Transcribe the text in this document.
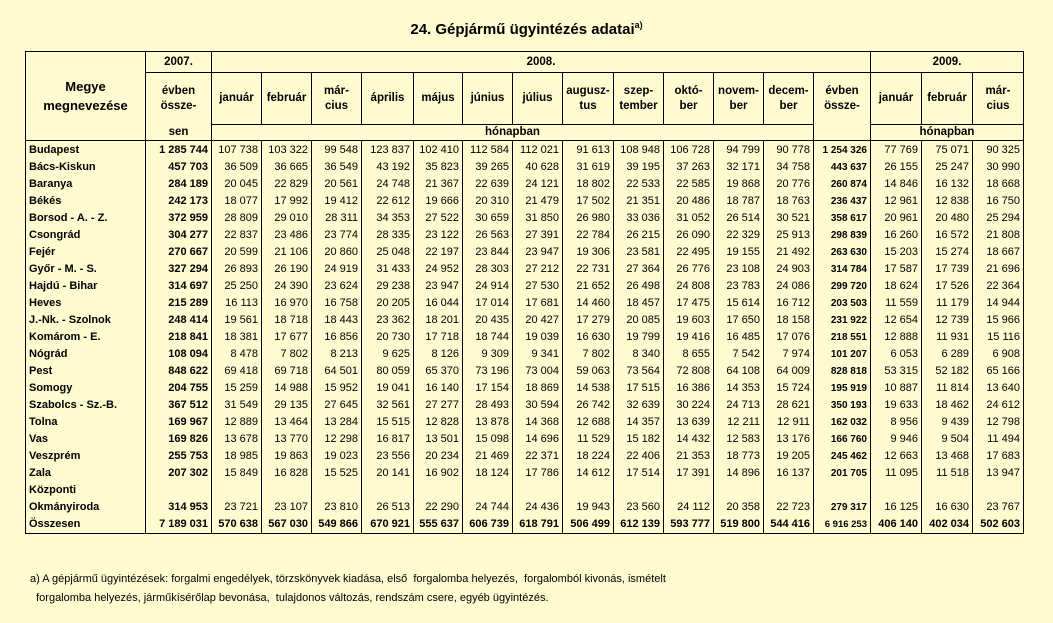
24. Gépjármű ügyintézés adatai$^{a)}$
Megye megnevezése	2007.	2008.													2009.		
	évben össze-	január	február	már- cius	április	május	június	július	augusz- tus	szep- tember	októ- ber	novem- ber	decem- ber	évben össze-	január	február	már- cius
	sen	hónapban													hónapban		
Budapest	1 285 744	107 738	103 322	99 548	123 837	102 410	112 584	112 021	91 613	108 948	106 728	94 799	90 778	1 254 326	77 769	75 071	90 325
Bács-Kiskun	457 703	36 509	36 665	36 549	43 192	35 823	39 265	40 628	31 619	39 195	37 263	32 171	34 758	443 637	26 155	25 247	30 990
Baranya	284 189	20 045	22 829	20 561	24 748	21 367	22 639	24 121	18 802	22 533	22 585	19 868	20 776	260 874	14 846	16 132	18 668
Békés	242 173	18 077	17 992	19 412	22 612	19 666	20 310	21 479	17 502	21 351	20 486	18 787	18 763	236 437	12 961	12 838	16 750
Borsod - A. - Z.	372 959	28 809	29 010	28 311	34 353	27 522	30 659	31 850	26 980	33 036	31 052	26 514	30 521	358 617	20 961	20 480	25 294
Csongrád	304 277	22 837	23 486	23 774	28 335	23 122	26 563	27 391	22 784	26 215	26 090	22 329	25 913	298 839	16 260	16 572	21 808
Fejér	270 667	20 599	21 106	20 860	25 048	22 197	23 844	23 947	19 306	23 581	22 495	19 155	21 492	263 630	15 203	15 274	18 667
Győr - M. - S.	327 294	26 893	26 190	24 919	31 433	24 952	28 303	27 212	22 731	27 364	26 776	23 108	24 903	314 784	17 587	17 739	21 696
Hajdú - Bihar	314 697	25 250	24 390	23 624	29 238	23 947	24 914	27 530	21 652	26 498	24 808	23 783	24 086	299 720	18 624	17 526	22 364
Heves	215 289	16 113	16 970	16 758	20 205	16 044	17 014	17 681	14 460	18 457	17 475	15 614	16 712	203 503	11 559	11 179	14 944
J.-Nk. - Szolnok	248 414	19 561	18 718	18 443	23 362	18 201	20 435	20 427	17 279	20 085	19 603	17 650	18 158	231 922	12 654	12 739	15 966
Komárom - E.	218 841	18 381	17 677	16 856	20 730	17 718	18 744	19 039	16 630	19 799	19 416	16 485	17 076	218 551	12 888	11 931	15 116
Nógrád	108 094	8 478	7 802	8 213	9 625	8 126	9 309	9 341	7 802	8 340	8 655	7 542	7 974	101 207	6 053	6 289	6 908
Pest	848 622	69 418	69 718	64 501	80 059	65 370	73 196	73 004	59 063	73 564	72 808	64 108	64 009	828 818	53 315	52 182	65 166
Somogy	204 755	15 259	14 988	15 952	19 041	16 140	17 154	18 869	14 538	17 515	16 386	14 353	15 724	195 919	10 887	11 814	13 640
Szabolcs - Sz.-B.	367 512	31 549	29 135	27 645	32 561	27 277	28 493	30 594	26 742	32 639	30 224	24 713	28 621	350 193	19 633	18 462	24 612
Tolna	169 967	12 889	13 464	13 284	15 515	12 828	13 878	14 368	12 688	14 357	13 639	12 211	12 911	162 032	8 956	9 439	12 798
Vas	169 826	13 678	13 770	12 298	16 817	13 501	15 098	14 696	11 529	15 182	14 432	12 583	13 176	166 760	9 946	9 504	11 494
Veszprém	255 753	18 985	19 863	19 023	23 556	20 234	21 469	22 371	18 224	22 406	21 353	18 773	19 205	245 462	12 663	13 468	17 683
Zala	207 302	15 849	16 828	15 525	20 141	16 902	18 124	17 786	14 612	17 514	17 391	14 896	16 137	201 705	11 095	11 518	13 947
Központi																	
Okmányiroda	314 953	23 721	23 107	23 810	26 513	22 290	24 744	24 436	19 943	23 560	24 112	20 358	22 723	279 317	16 125	16 630	23 767
Összesen	7 189 031	570 638	567 030	549 866	670 921	555 637	606 739	618 791	506 499	612 139	593 777	519 800	544 416	6 916 253	406 140	402 034	502 603
a) A gépjármű ügyintézések: forgalmi engedélyek, törzskönyvek kiadása, első  forgalomba helyezés,  forgalomból kivonás, ismételt
forgalomba helyezés, járműkísérőlap bevonása,  tulajdonos változás, rendszám csere, egyéb ügyintézés.
